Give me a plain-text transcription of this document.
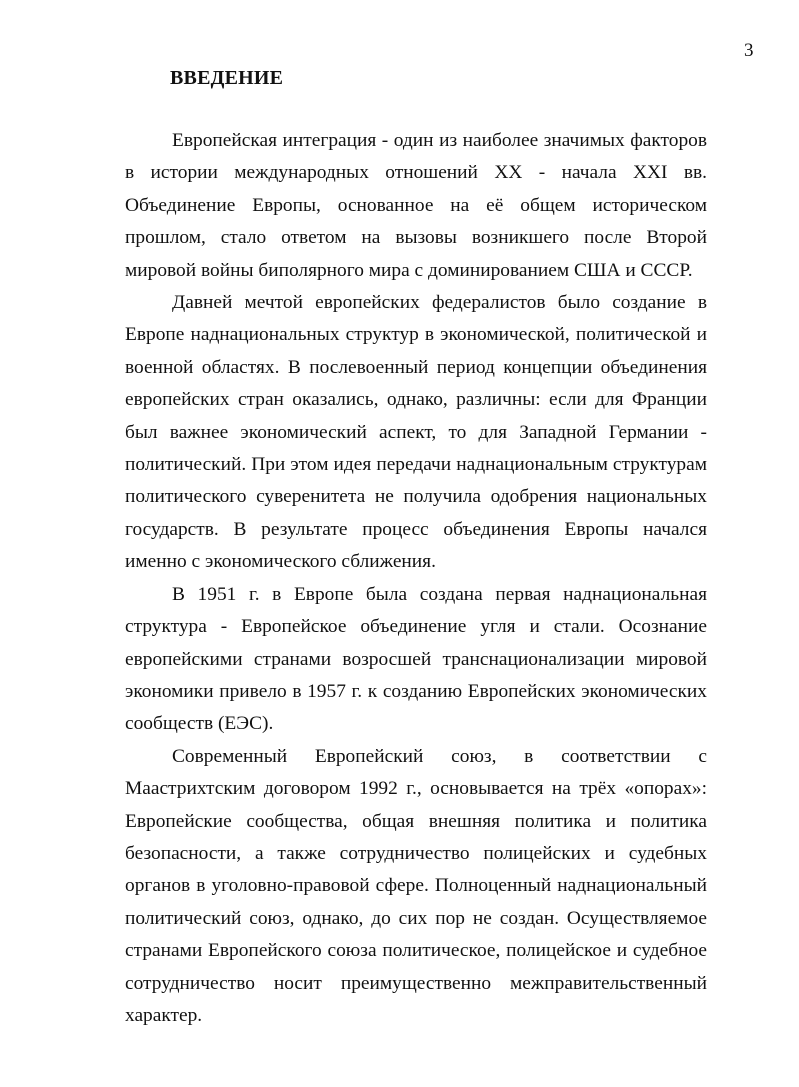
3
ВВЕДЕНИЕ

Европейская интеграция - один из наиболее значимых факторов в истории международных отношений XX - начала XXI вв. Объединение Европы, основанное на её общем историческом прошлом, стало ответом на вызовы возникшего после Второй мировой войны биполярного мира с доминированием США и СССР.

Давней мечтой европейских федералистов было создание в Европе наднациональных структур в экономической, политической и военной областях. В послевоенный период концепции объединения европейских стран оказались, однако, различны: если для Франции был важнее экономический аспект, то для Западной Германии - политический. При этом идея передачи наднациональным структурам политического суверенитета не получила одобрения национальных государств. В результате процесс объединения Европы начался именно с экономического сближения.

В 1951 г. в Европе была создана первая наднациональная структура - Европейское объединение угля и стали. Осознание европейскими странами возросшей транснационализации мировой экономики привело в 1957 г. к созданию Европейских экономических сообществ (ЕЭС).

Современный Европейский союз, в соответствии с Маастрихтским договором 1992 г., основывается на трёх «опорах»: Европейские сообщества, общая внешняя политика и политика безопасности, а также сотрудничество полицейских и судебных органов в уголовно-правовой сфере. Полноценный наднациональный политический союз, однако, до сих пор не создан. Осуществляемое странами Европейского союза политическое, полицейское и судебное сотрудничество носит преимущественно межправительственный характер.
